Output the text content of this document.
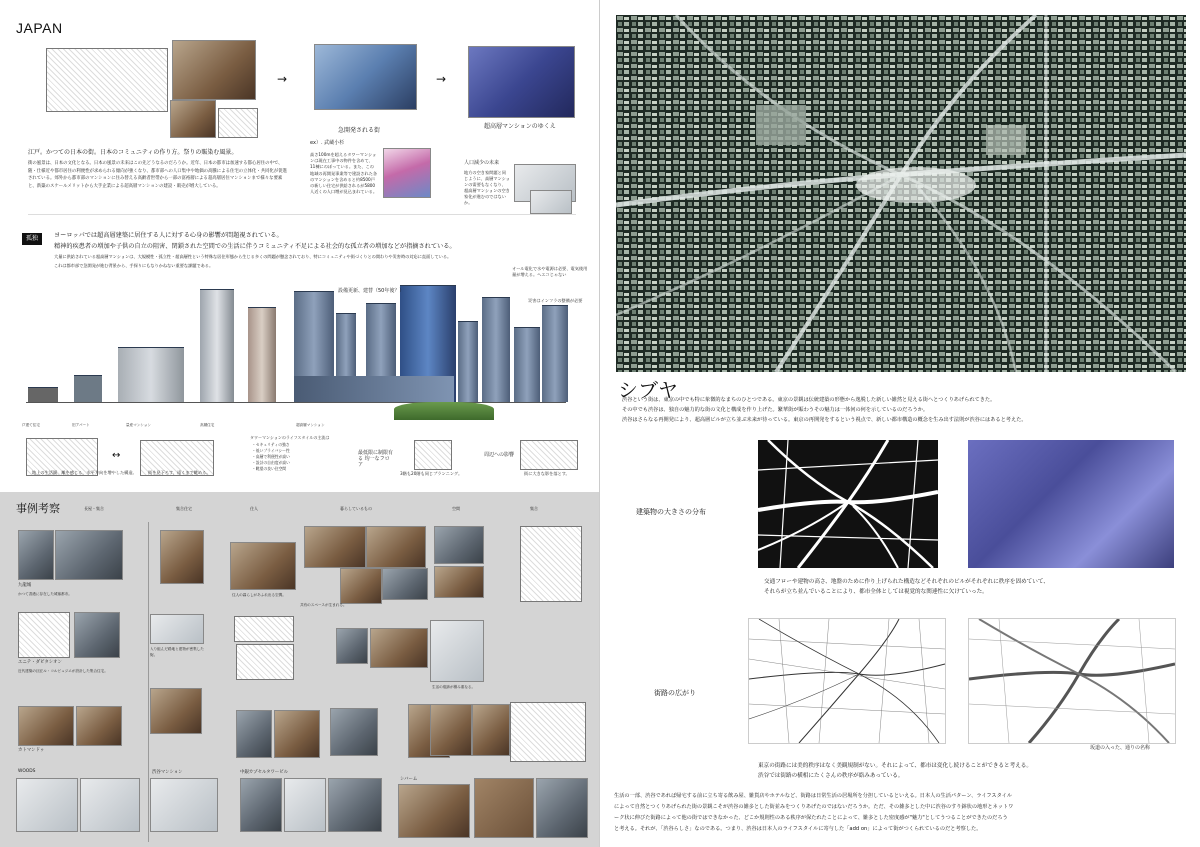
JAPAN
→	→
急開発される街
超高層マンションのゆくえ
江戸。かつての日本の街。日本のコミュニティの作り方。祭りの賑染む風景。
街の風景は、日本の文化となる。日本の風景の未来はこの先どうなるのだろうか。近年、日本の都市は加速する都心居住の中で、随・仕様近や都市居住の利便性が求められる傾向が強くなり、都市部への人口集中や地価の高騰による住宅の立体化・共同化が促進されている。郊外から都市部のマンションに住み替える高齢者世帯から一部の富裕層による超高層居住マンションまで様々な要素と、新築のスケールメリットから大手企業による超高層マンションの建設・販売が増大している。
ex）. 武蔵小杉
高さ100mを超えるタワーマンションは現在工事中の物件を含めて、11棟にのぼっている。また、この地域の再開発事業等で建設された各のマンションを含めると約8500戸の新しい住宅が供給されるが5800人近くの人口増が見込まれている。
人口減少の未来
地方の空き家問題と同じように、高層マンションの需要もなくなり、超高層マンションの空き家化が進むのではないか。
孤独	ヨーロッパでは超高層建築に居住する人に対する心身の影響が問題視されている。
精神的疾患者の増加や子供の自立の阻害、閉鎖された空間での生活に伴うコミュニティ不足による社会的な孤立者の増加などが指摘されている。
大量に供給されている超高層マンションは、大規模性・孤立性・超高層性という特殊な居住形態から生じる多くの問題が懸念されており、特にコミュニティや街づくりとの関わりや災害時の対応に直面している。
これは都市部で急開発が進む背景から、手探りにもなりかねない重要な課題である。
設備更新、建替（50年後？）
オール電化で水や電源は必要、電気使用量が増える。ヘエコじゃない
災害はインフラの整備が必要
戸建て住宅	旧アパート	量産マンション	高層住宅	超高層マンション
↔
地上の生活圏、離を感じる、水平方向を増やした構造。	街を見下ろす、遠くまで眺める。
タワーマンションのライフスタイルの主流は
・セキュリティの強さ
・低いプライバシー性
・高層で利便性が高い
・設計の自由度が高い
・眺望の良い住空間
最低限に制限有る 均一なフロア
3階も20階も同じプランニング。
周辺への影響
街に大きな影を落とす。
事例考察	長屋・集合	集合住宅	住人	暮らしているもの	空間	集合
九龍城
かつて香港に存在した城塞都市。
ユニテ・ダビタシオン
近代建築の巨匠ル・コルビュジエが設計した集合住宅。
カトマンドゥ
WOODS
入り組んだ路地と建物が密集した街。
渋谷マンション
住人の暮らしがあふれ出る空間。
中銀カプセルタワービル
共有のスペースが生まれる。
シバーム
生活の痕跡が積み重なる。
シブヤ
渋谷という街は、東京の中でも特に象徴的なまちのひとつである。東京の景観は伝統建築の形態から逸脱した新しい雑然と見える街へとつくりあげられてきた。
その中でも渋谷は、独自の魅力的な街の文化と構成を作り上げた。繁華街が賑わうその魅力は一体何の何を示しているのだろうか。
渋谷はさらなる再開発により、超高層ビルが立ち並ぶ未来が待っている。東京の再開発をするという視点で、新しい都市構造の概念を生み出す法則が渋谷にはあると考えた。
建築物の大きさの分布
交通フローや建物の高さ、地盤のために作り上げられた構造などそれぞれのビルがそれぞれに秩序を固めていて、
それらが立ち並んでいることにより、都市全体としては視覚的な関連性に欠けていった。
街路の広がり
坂道の入った、通りの名称
東京の街路には美的秩序はなく美観規制がない。それによって、都市は変化し続けることができると考える。
渋谷では街路の横相にたくさんの秩序が絡みあっている。
生活の一部、渋谷であれば帰宅する前に立ち寄る飲み屋、雑貨店やホテルなど、街路は日常生活の居場所を分担しているといえる。日本人の生活パターン、ライフスタイル
によって自然とつくりあげられた街の景観こそが渋谷の雑多とした街並みをつくりあげたのではないだろうか。ただ、その雑多とした中に渋谷のすり鉢状の地形とネットワ
ーク状に伸びた街路によって他の街ではできなかった、どこか規則性のある秩序が保たれたことによって、雑多とした密度感が"魅力"としてうつることができたのだろう
と考える。それが、「渋谷らしさ」なのである。つまり、渋谷は日本人のライフスタイルに寄与した「add on」によって街がつくられているのだと考察した。
